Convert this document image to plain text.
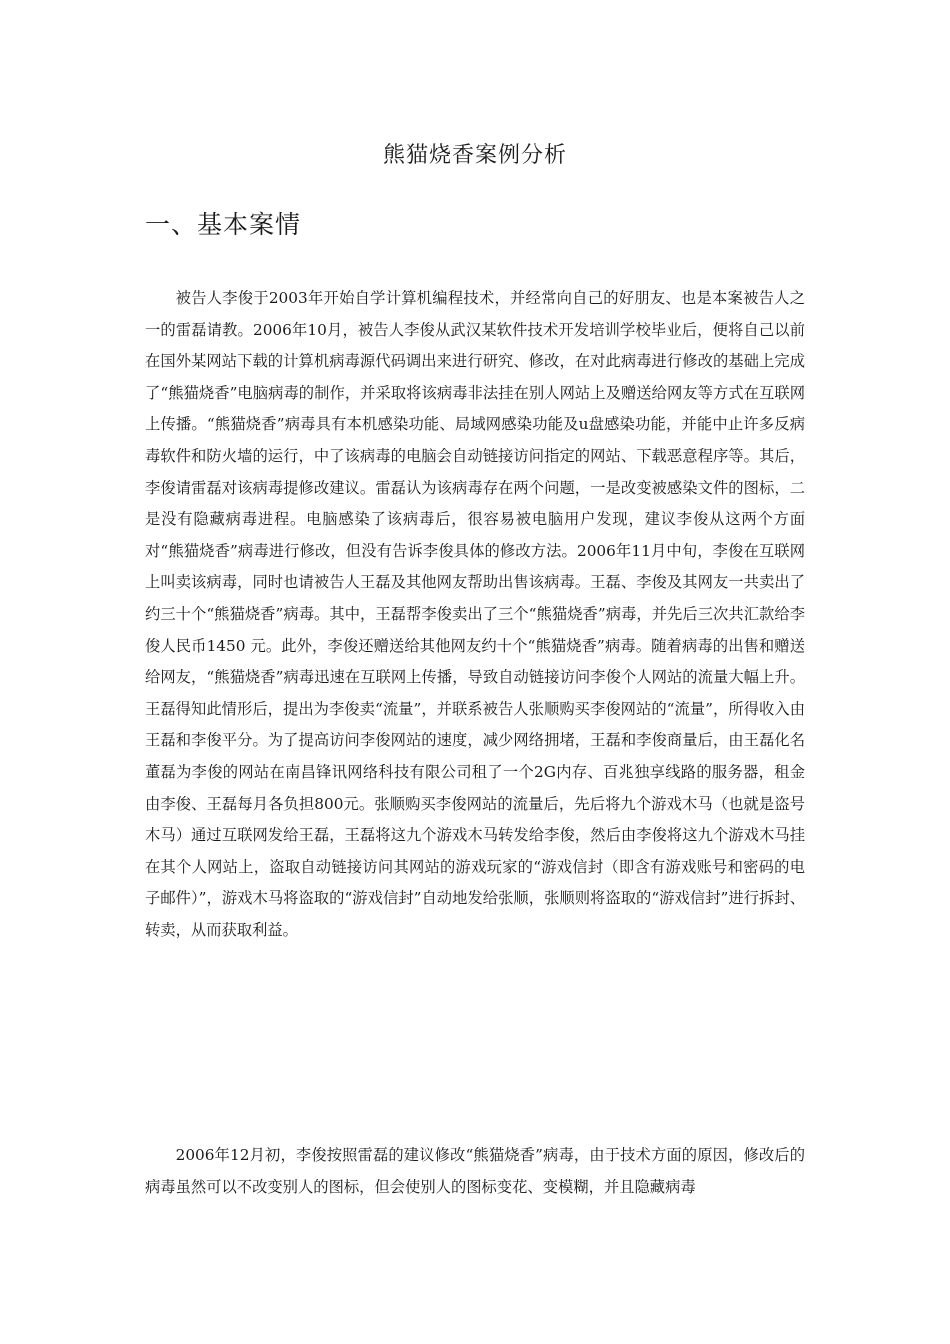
熊猫烧香案例分析
一、基本案情

被告人李俊于2003年开始自学计算机编程技术，并经常向自己的好朋友、也是本案被告人之一的雷磊请教。2006年10月，被告人李俊从武汉某软件技术开发培训学校毕业后，便将自己以前在国外某网站下载的计算机病毒源代码调出来进行研究、修改，在对此病毒进行修改的基础上完成了“熊猫烧香”电脑病毒的制作，并采取将该病毒非法挂在别人网站上及赠送给网友等方式在互联网上传播。“熊猫烧香”病毒具有本机感染功能、局域网感染功能及u盘感染功能，并能中止许多反病毒软件和防火墙的运行，中了该病毒的电脑会自动链接访问指定的网站、下载恶意程序等。其后，李俊请雷磊对该病毒提修改建议。雷磊认为该病毒存在两个问题，一是改变被感染文件的图标，二是没有隐藏病毒进程。电脑感染了该病毒后，很容易被电脑用户发现，建议李俊从这两个方面对“熊猫烧香”病毒进行修改，但没有告诉李俊具体的修改方法。2006年11月中旬，李俊在互联网上叫卖该病毒，同时也请被告人王磊及其他网友帮助出售该病毒。王磊、李俊及其网友一共卖出了约三十个“熊猫烧香”病毒。其中，王磊帮李俊卖出了三个“熊猫烧香”病毒，并先后三次共汇款给李俊人民币1450 元。此外，李俊还赠送给其他网友约十个“熊猫烧香”病毒。随着病毒的出售和赠送给网友，“熊猫烧香”病毒迅速在互联网上传播，导致自动链接访问李俊个人网站的流量大幅上升。王磊得知此情形后，提出为李俊卖“流量”，并联系被告人张顺购买李俊网站的“流量”，所得收入由王磊和李俊平分。为了提高访问李俊网站的速度，减少网络拥堵，王磊和李俊商量后，由王磊化名董磊为李俊的网站在南昌锋讯网络科技有限公司租了一个2G内存、百兆独享线路的服务器，租金由李俊、王磊每月各负担800元。张顺购买李俊网站的流量后，先后将九个游戏木马（也就是盗号木马）通过互联网发给王磊，王磊将这九个游戏木马转发给李俊，然后由李俊将这九个游戏木马挂在其个人网站上，盗取自动链接访问其网站的游戏玩家的“游戏信封（即含有游戏账号和密码的电子邮件）”，游戏木马将盗取的“游戏信封”自动地发给张顺，张顺则将盗取的“游戏信封”进行拆封、转卖，从而获取利益。

2006年12月初，李俊按照雷磊的建议修改“熊猫烧香”病毒，由于技术方面的原因，修改后的病毒虽然可以不改变别人的图标，但会使别人的图标变花、变模糊，并且隐藏病毒
